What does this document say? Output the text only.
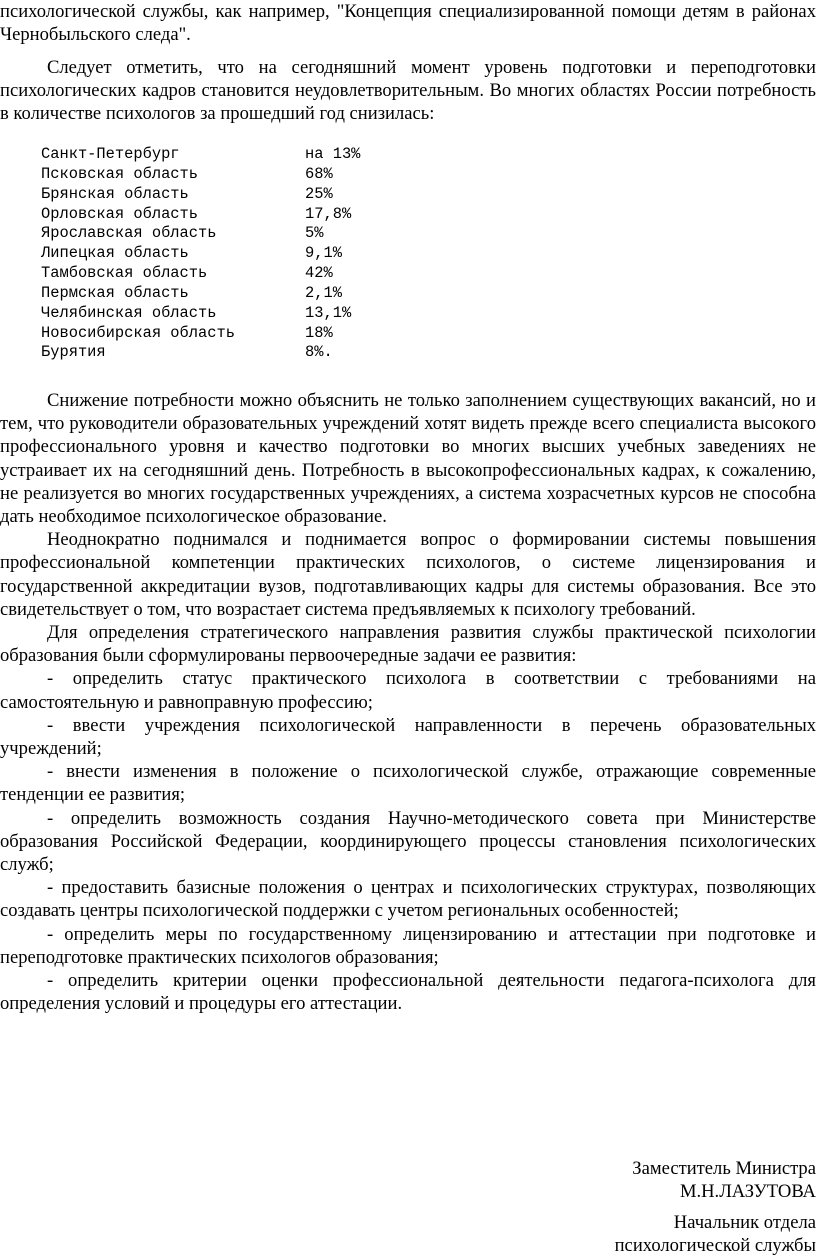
психологической службы, как например, "Концепция специализированной помощи детям в районах Чернобыльского следа".

Следует отметить, что на сегодняшний момент уровень подготовки и переподготовки психологических кадров становится неудовлетворительным. Во многих областях России потребность в количестве психологов за прошедший год снизилась:

Санкт-Петербург	на 13%
Псковская область	68%
Брянская область	25%
Орловская область	17,8%
Ярославская область	5%
Липецкая область	9,1%
Тамбовская область	42%
Пермская область	2,1%
Челябинская область	13,1%
Новосибирская область	18%
Бурятия	8%.

Снижение потребности можно объяснить не только заполнением существующих вакансий, но и тем, что руководители образовательных учреждений хотят видеть прежде всего специалиста высокого профессионального уровня и качество подготовки во многих высших учебных заведениях не устраивает их на сегодняшний день. Потребность в высокопрофессиональных кадрах, к сожалению, не реализуется во многих государственных учреждениях, а система хозрасчетных курсов не способна дать необходимое психологическое образование.

Неоднократно поднимался и поднимается вопрос о формировании системы повышения профессиональной компетенции практических психологов, о системе лицензирования и государственной аккредитации вузов, подготавливающих кадры для системы образования. Все это свидетельствует о том, что возрастает система предъявляемых к психологу требований.

Для определения стратегического направления развития службы практической психологии образования были сформулированы первоочередные задачи ее развития:

- определить статус практического психолога в соответствии с требованиями на самостоятельную и равноправную профессию;

- ввести учреждения психологической направленности в перечень образовательных учреждений;

- внести изменения в положение о психологической службе, отражающие современные тенденции ее развития;

- определить возможность создания Научно-методического совета при Министерстве образования Российской Федерации, координирующего процессы становления психологических служб;

- предоставить базисные положения о центрах и психологических структурах, позволяющих создавать центры психологической поддержки с учетом региональных особенностей;

- определить меры по государственному лицензированию и аттестации при подготовке и переподготовке практических психологов образования;

- определить критерии оценки профессиональной деятельности педагога-психолога для определения условий и процедуры его аттестации.

Заместитель Министра
М.Н.ЛАЗУТОВА
Начальник отдела
психологической службы
